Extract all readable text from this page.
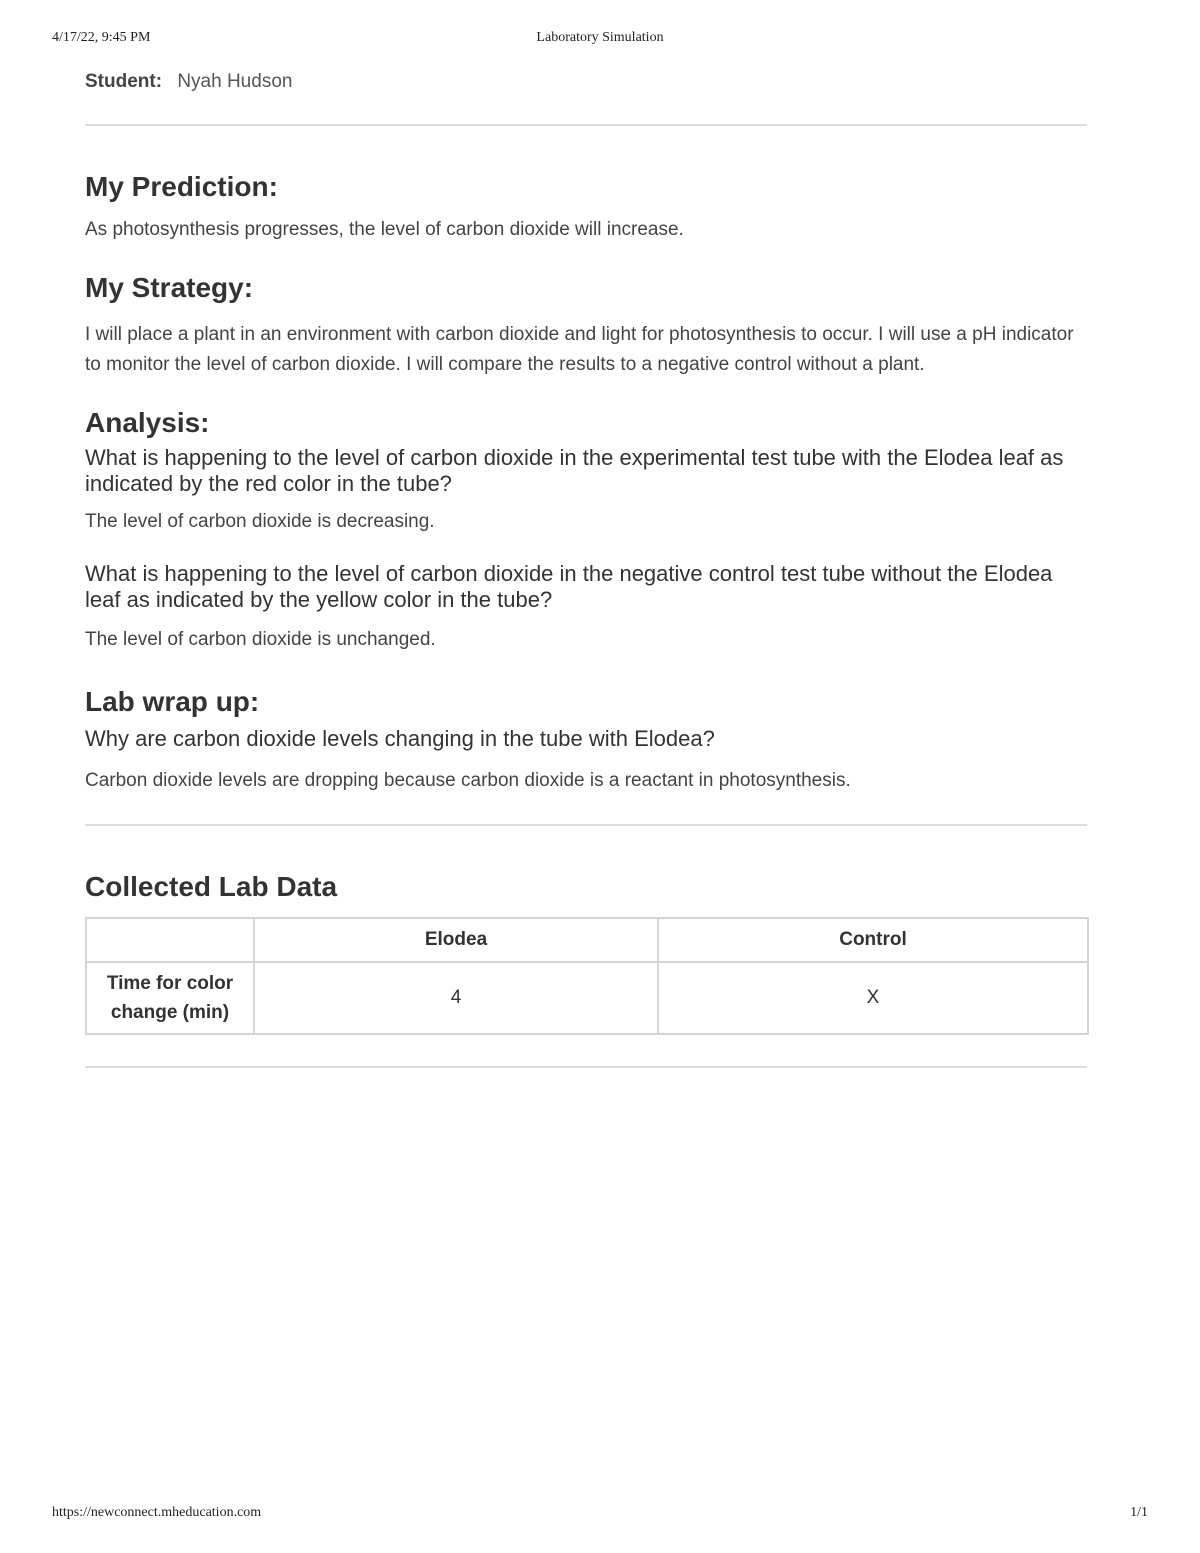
4/17/22, 9:45 PM	Laboratory Simulation
Student: Nyah Hudson
My Prediction:

As photosynthesis progresses, the level of carbon dioxide will increase.

My Strategy:

I will place a plant in an environment with carbon dioxide and light for photosynthesis to occur. I will use a pH indicator to monitor the level of carbon dioxide. I will compare the results to a negative control without a plant.

Analysis:

What is happening to the level of carbon dioxide in the experimental test tube with the Elodea leaf as indicated by the red color in the tube?

The level of carbon dioxide is decreasing.

What is happening to the level of carbon dioxide in the negative control test tube without the Elodea leaf as indicated by the yellow color in the tube?

The level of carbon dioxide is unchanged.

Lab wrap up:

Why are carbon dioxide levels changing in the tube with Elodea?

Carbon dioxide levels are dropping because carbon dioxide is a reactant in photosynthesis.

Collected Lab Data
	Elodea	Control
Time for color change (min)	4	X
https://newconnect.mheducation.com	1/1
